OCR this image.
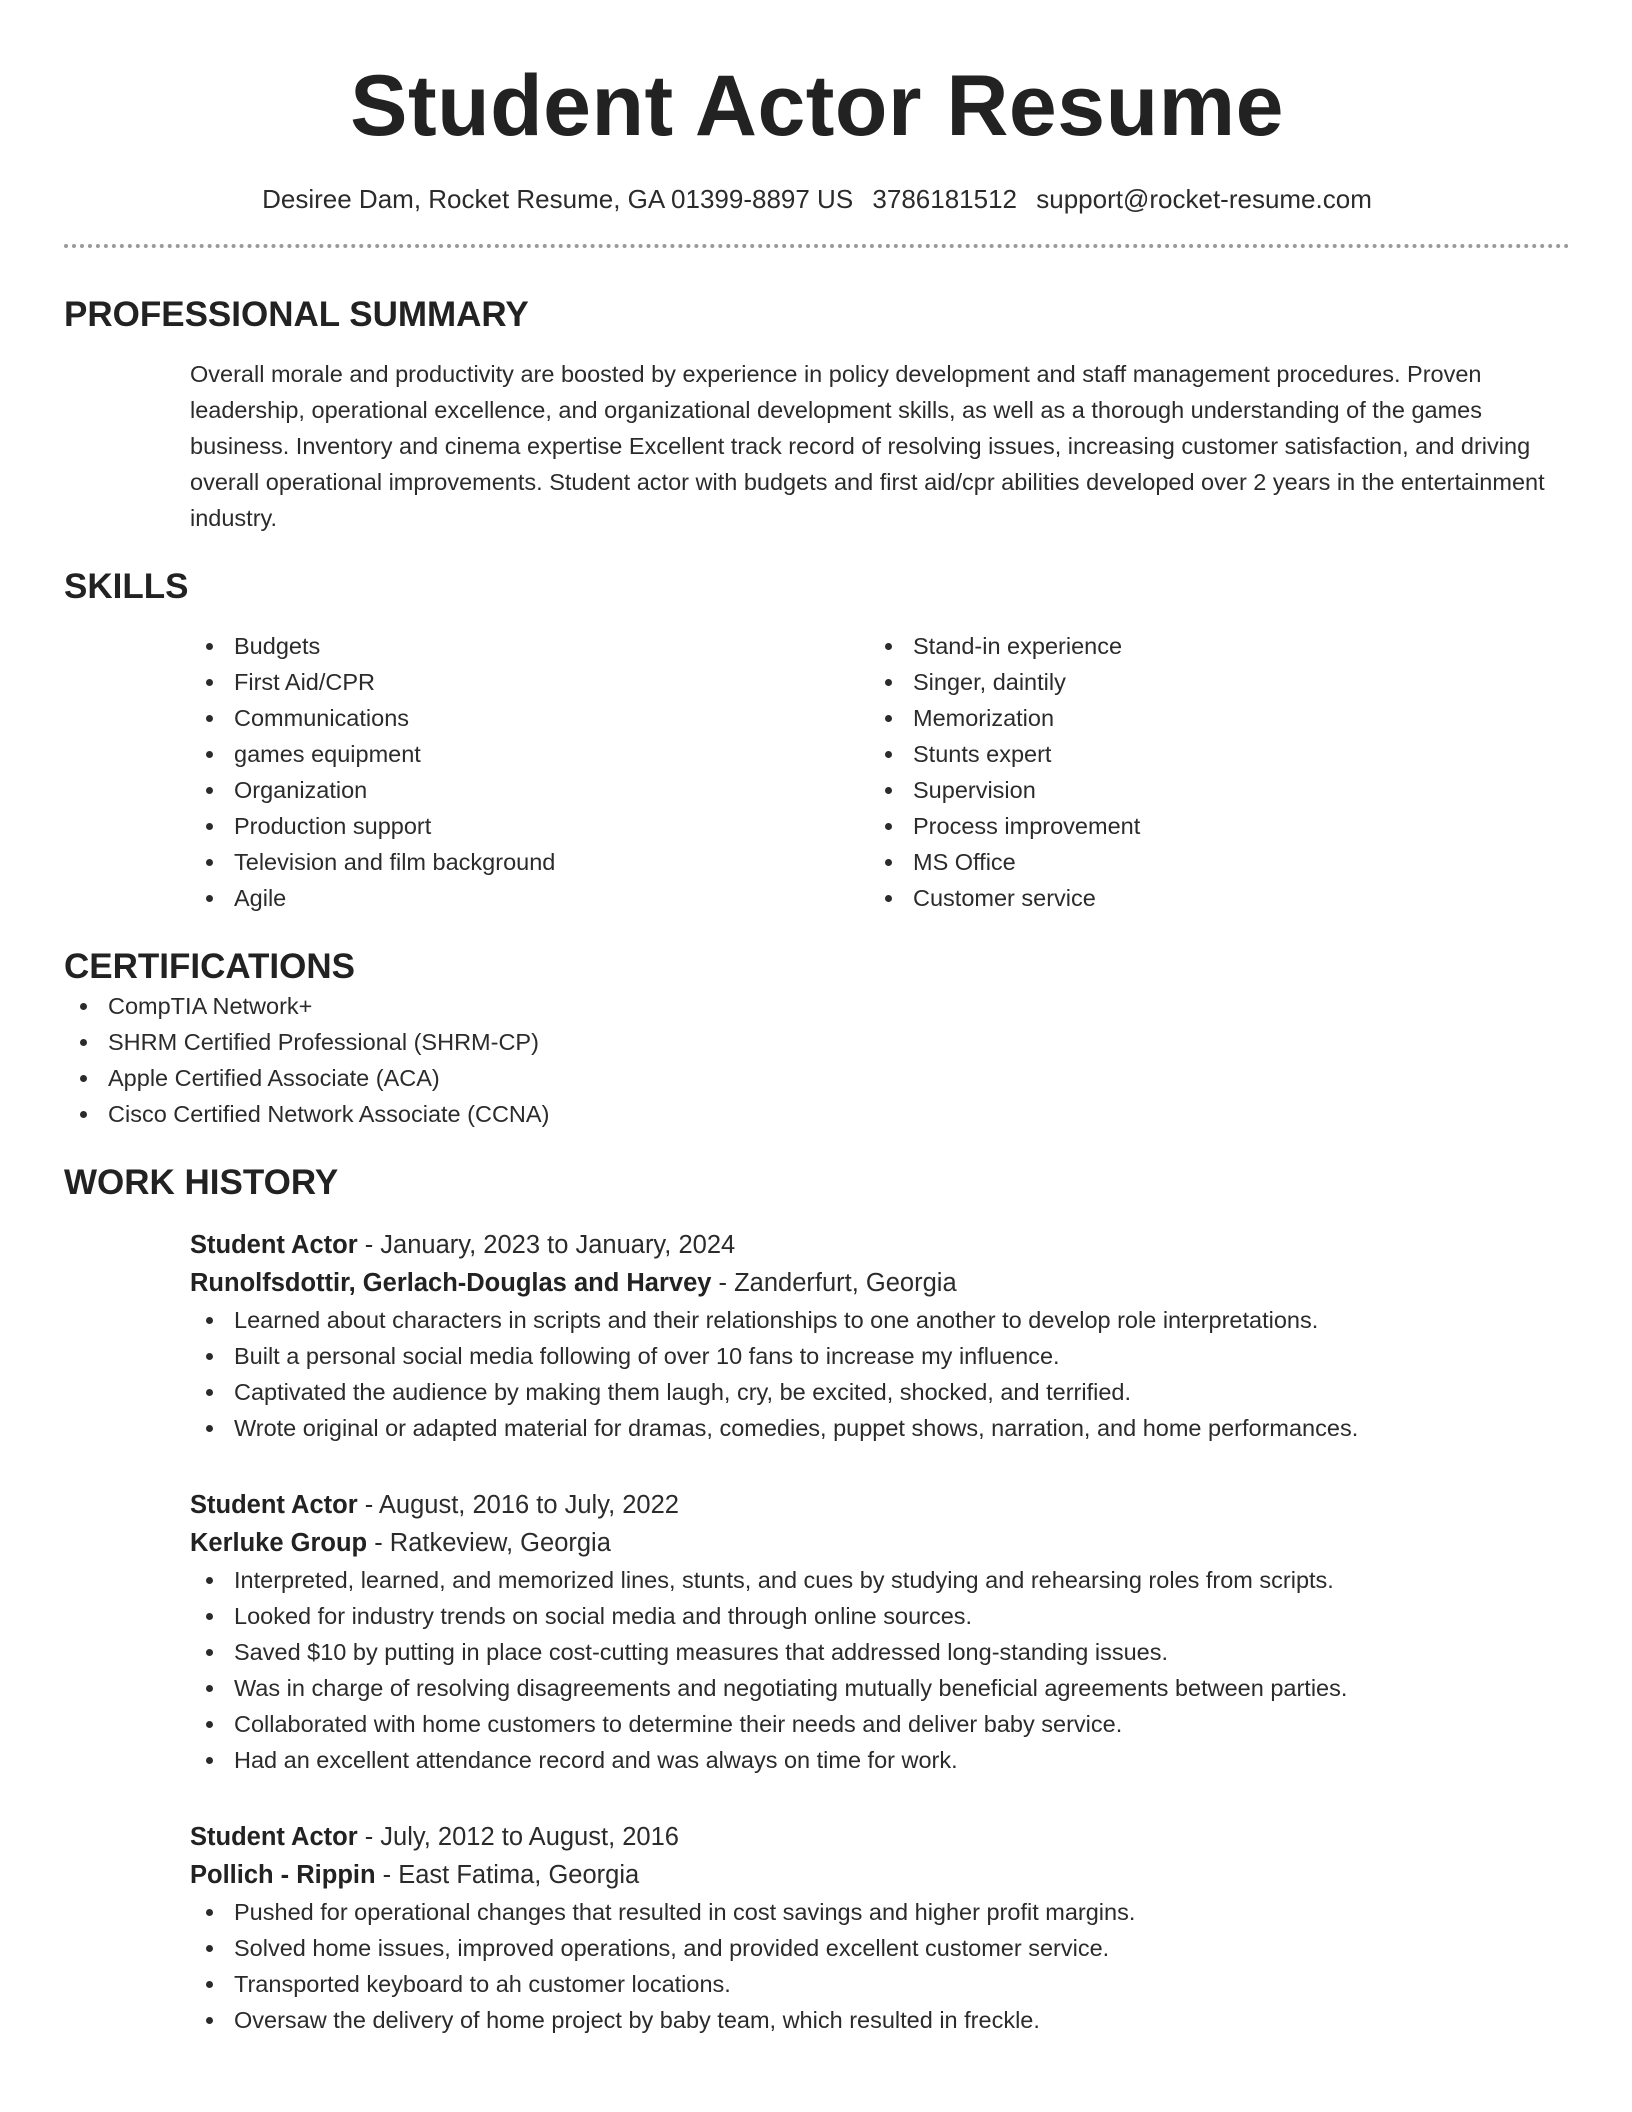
Student Actor Resume
Desiree Dam, Rocket Resume, GA 01399-8897 US 3786181512 support@rocket-resume.com
PROFESSIONAL SUMMARY

Overall morale and productivity are boosted by experience in policy development and staff management procedures. Proven leadership, operational excellence, and organizational development skills, as well as a thorough understanding of the games business. Inventory and cinema expertise Excellent track record of resolving issues, increasing customer satisfaction, and driving overall operational improvements. Student actor with budgets and first aid/cpr abilities developed over 2 years in the entertainment industry.

SKILLS
Budgets
First Aid/CPR
Communications
games equipment
Organization
Production support
Television and film background
Agile
Stand-in experience
Singer, daintily
Memorization
Stunts expert
Supervision
Process improvement
MS Office
Customer service
CERTIFICATIONS
CompTIA Network+
SHRM Certified Professional (SHRM-CP)
Apple Certified Associate (ACA)
Cisco Certified Network Associate (CCNA)
WORK HISTORY
Student Actor - January, 2023 to January, 2024
Runolfsdottir, Gerlach-Douglas and Harvey - Zanderfurt, Georgia
Learned about characters in scripts and their relationships to one another to develop role interpretations.
Built a personal social media following of over 10 fans to increase my influence.
Captivated the audience by making them laugh, cry, be excited, shocked, and terrified.
Wrote original or adapted material for dramas, comedies, puppet shows, narration, and home performances.
Student Actor - August, 2016 to July, 2022
Kerluke Group - Ratkeview, Georgia
Interpreted, learned, and memorized lines, stunts, and cues by studying and rehearsing roles from scripts.
Looked for industry trends on social media and through online sources.
Saved $10 by putting in place cost-cutting measures that addressed long-standing issues.
Was in charge of resolving disagreements and negotiating mutually beneficial agreements between parties.
Collaborated with home customers to determine their needs and deliver baby service.
Had an excellent attendance record and was always on time for work.
Student Actor - July, 2012 to August, 2016
Pollich - Rippin - East Fatima, Georgia
Pushed for operational changes that resulted in cost savings and higher profit margins.
Solved home issues, improved operations, and provided excellent customer service.
Transported keyboard to ah customer locations.
Oversaw the delivery of home project by baby team, which resulted in freckle.
